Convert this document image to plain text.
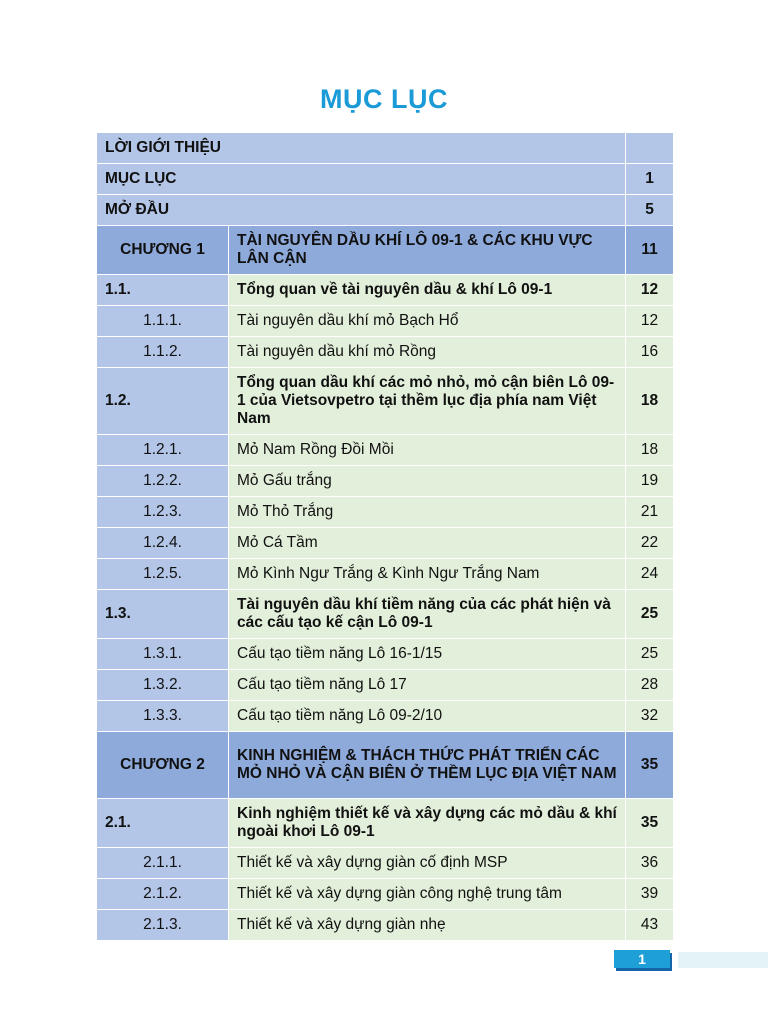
MỤC LỤC
LỜI GIỚI THIỆU		
MỤC LỤC		1
MỞ ĐẦU		5
CHƯƠNG 1	TÀI NGUYÊN DẦU KHÍ LÔ 09-1 & CÁC KHU VỰC LÂN CẬN	11
1.1.	Tổng quan về tài nguyên dầu & khí Lô 09-1	12
1.1.1.	Tài nguyên dầu khí mỏ Bạch Hổ	12
1.1.2.	Tài nguyên dầu khí mỏ Rồng	16
1.2.	Tổng quan dầu khí các mỏ nhỏ, mỏ cận biên Lô 09-1 của Vietsovpetro tại thềm lục địa phía nam Việt Nam	18
1.2.1.	Mỏ Nam Rồng Đồi Mồi	18
1.2.2.	Mỏ Gấu trắng	19
1.2.3.	Mỏ Thỏ Trắng	21
1.2.4.	Mỏ Cá Tầm	22
1.2.5.	Mỏ Kình Ngư Trắng & Kình Ngư Trắng Nam	24
1.3.	Tài nguyên dầu khí tiềm năng của các phát hiện và các cấu tạo kế cận Lô 09-1	25
1.3.1.	Cấu tạo tiềm năng Lô 16-1/15	25
1.3.2.	Cấu tạo tiềm năng Lô 17	28
1.3.3.	Cấu tạo tiềm năng Lô 09-2/10	32
CHƯƠNG 2	KINH NGHIỆM & THÁCH THỨC PHÁT TRIỂN CÁC MỎ NHỎ VÀ CẬN BIÊN Ở THỀM LỤC ĐỊA VIỆT NAM	35
2.1.	Kinh nghiệm thiết kế và xây dựng các mỏ dầu & khí ngoài khơi Lô 09-1	35
2.1.1.	Thiết kế và xây dựng giàn cố định MSP	36
2.1.2.	Thiết kế và xây dựng giàn công nghệ trung tâm	39
2.1.3.	Thiết kế và xây dựng giàn nhẹ	43
1
